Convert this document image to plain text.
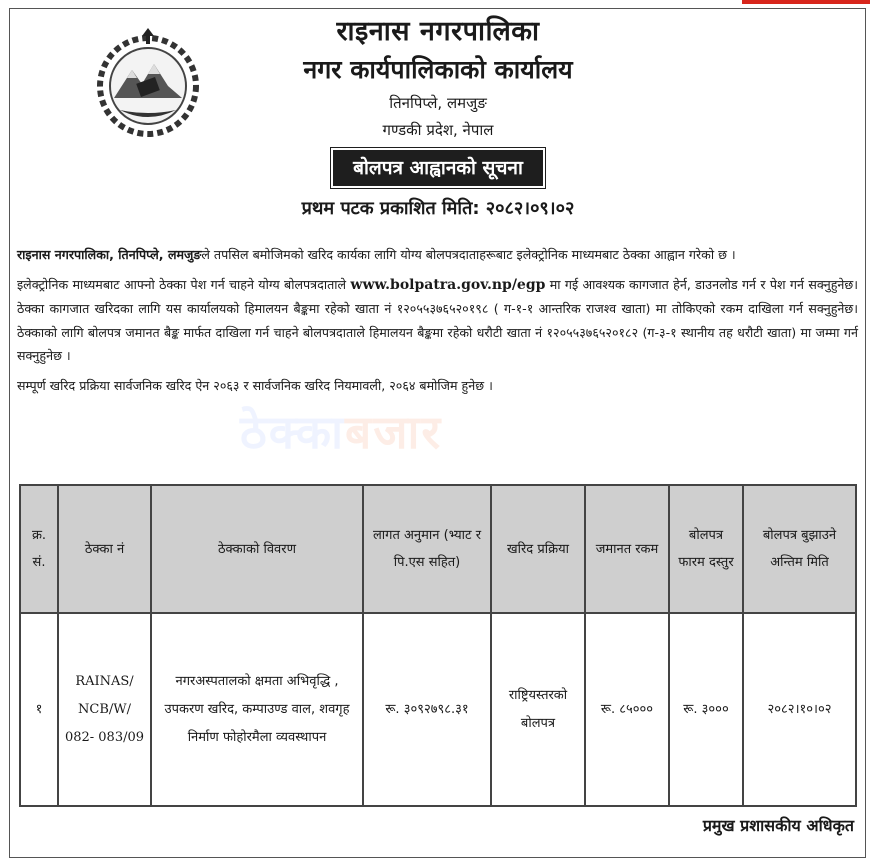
राइनास नगरपालिका
नगर कार्यपालिकाको कार्यालय
तिनपिप्ले, लमजुङ
गण्डकी प्रदेश, नेपाल
बोलपत्र आह्वानको सूचना
प्रथम पटक प्रकाशित मिति: २०८२।०९।०२
ठेक्काबजार

राइनास नगरपालिका, तिनपिप्ले, लमजुङले तपसिल बमोजिमको खरिद कार्यका लागि योग्य बोलपत्रदाताहरूबाट इलेक्ट्रोनिक माध्यमबाट ठेक्का आह्वान गरेको छ ।

इलेक्ट्रोनिक माध्यमबाट आफ्नो ठेक्का पेश गर्न चाहने योग्य बोलपत्रदाताले www.bolpatra.gov.np/egp मा गई आवश्यक कागजात हेर्न, डाउनलोड गर्न र पेश गर्न सक्नुहुनेछ। ठेक्का कागजात खरिदका लागि यस कार्यालयको हिमालयन बैङ्कमा रहेको खाता नं १२०५५३७६५२०१९८ ( ग-१-१ आन्तरिक राजश्व खाता) मा तोकिएको रकम दाखिला गर्न सक्नुहुनेछ। ठेक्काको लागि बोलपत्र जमानत बैङ्क मार्फत दाखिला गर्न चाहने बोलपत्रदाताले हिमालयन बैङ्कमा रहेको धरौटी खाता नं १२०५५३७६५२०१८२ (ग-३-१ स्थानीय तह धरौटी खाता) मा जम्मा गर्न सक्नुहुनेछ ।

सम्पूर्ण खरिद प्रक्रिया सार्वजनिक खरिद ऐन २०६३ र सार्वजनिक खरिद नियमावली, २०६४ बमोजिम हुनेछ ।

क्र. सं.	ठेक्का नं	ठेक्काको विवरण	लागत अनुमान (भ्याट र पि.एस सहित)	खरिद प्रक्रिया	जमानत रकम	बोलपत्र फारम दस्तुर	बोलपत्र बुझाउने अन्तिम मिति
१	RAINAS/ NCB/W/ 082- 083/09	नगरअस्पतालको क्षमता अभिवृद्धि , उपकरण खरिद, कम्पाउण्ड वाल, शवगृह निर्माण फोहोरमैला व्यवस्थापन	रू. ३०९२७९८.३१	राष्ट्रियस्तरको बोलपत्र	रू. ८५०००	रू. ३०००	२०८२।१०।०२
प्रमुख प्रशासकीय अधिकृत
